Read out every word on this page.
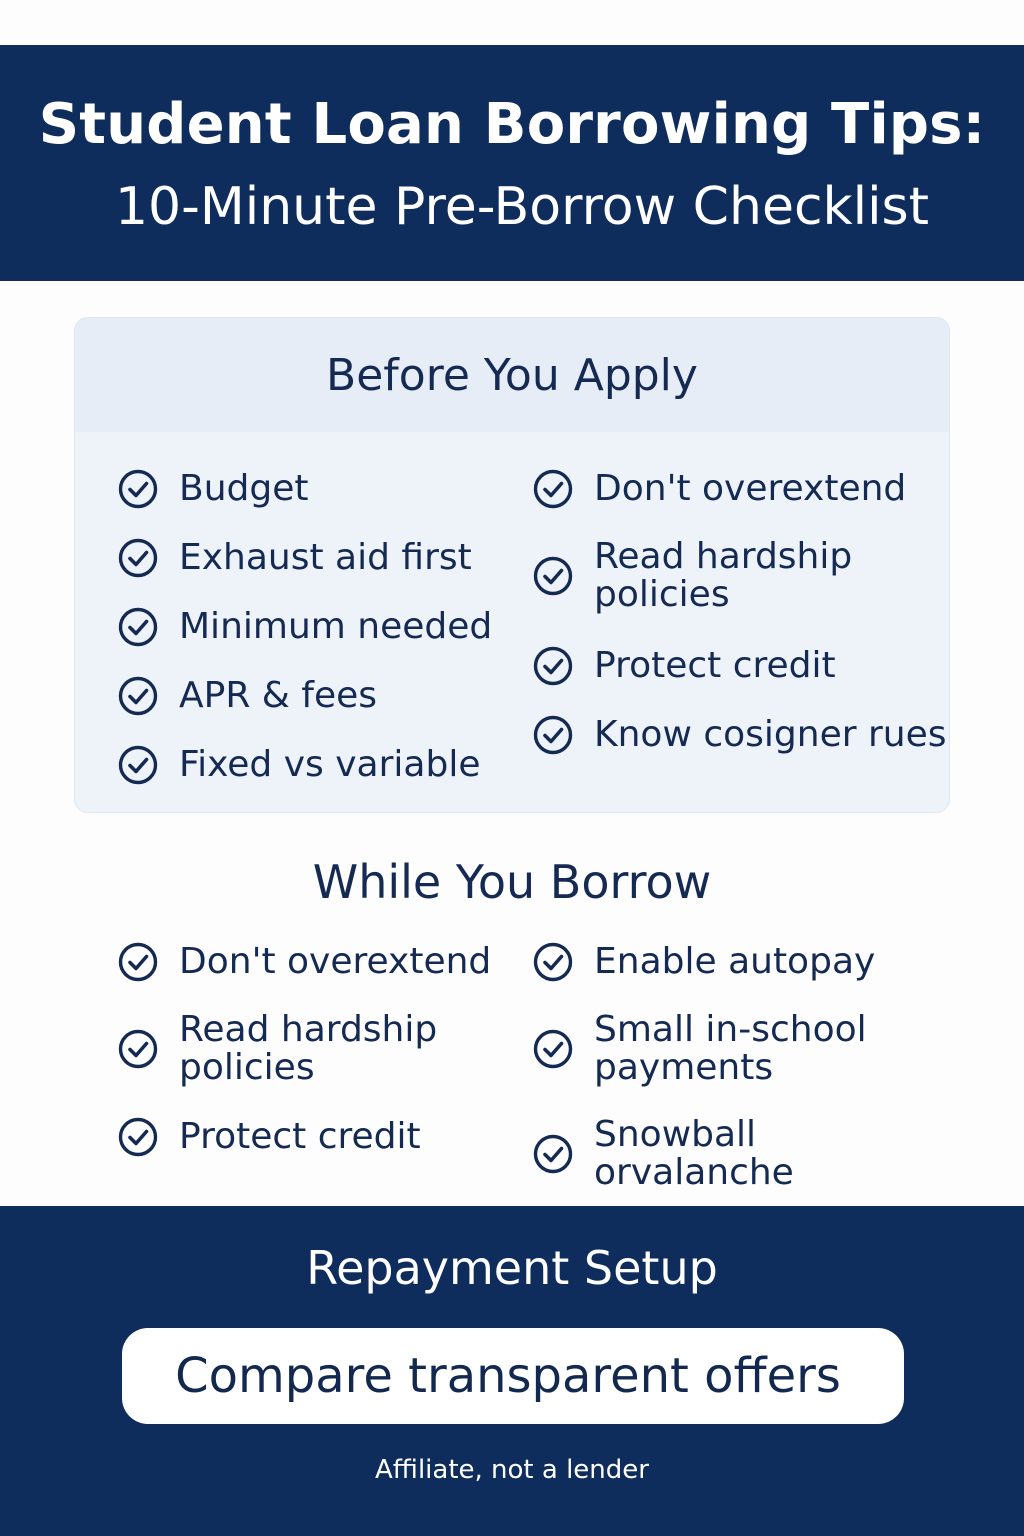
Student Loan Borrowing Tips:
10-Minute Pre-Borrow Checklist
Before You Apply
Budget
Exhaust aid first
Minimum needed
APR & fees
Fixed vs variable
Don't overextend
Read hardship policies
Protect credit
Know cosigner rues
While You Borrow
Don't overextend
Read hardship policies
Protect credit
Enable autopay
Small in-school payments
Snowball orvalanche
Repayment Setup
Compare transparent offers
Affiliate, not a lender
